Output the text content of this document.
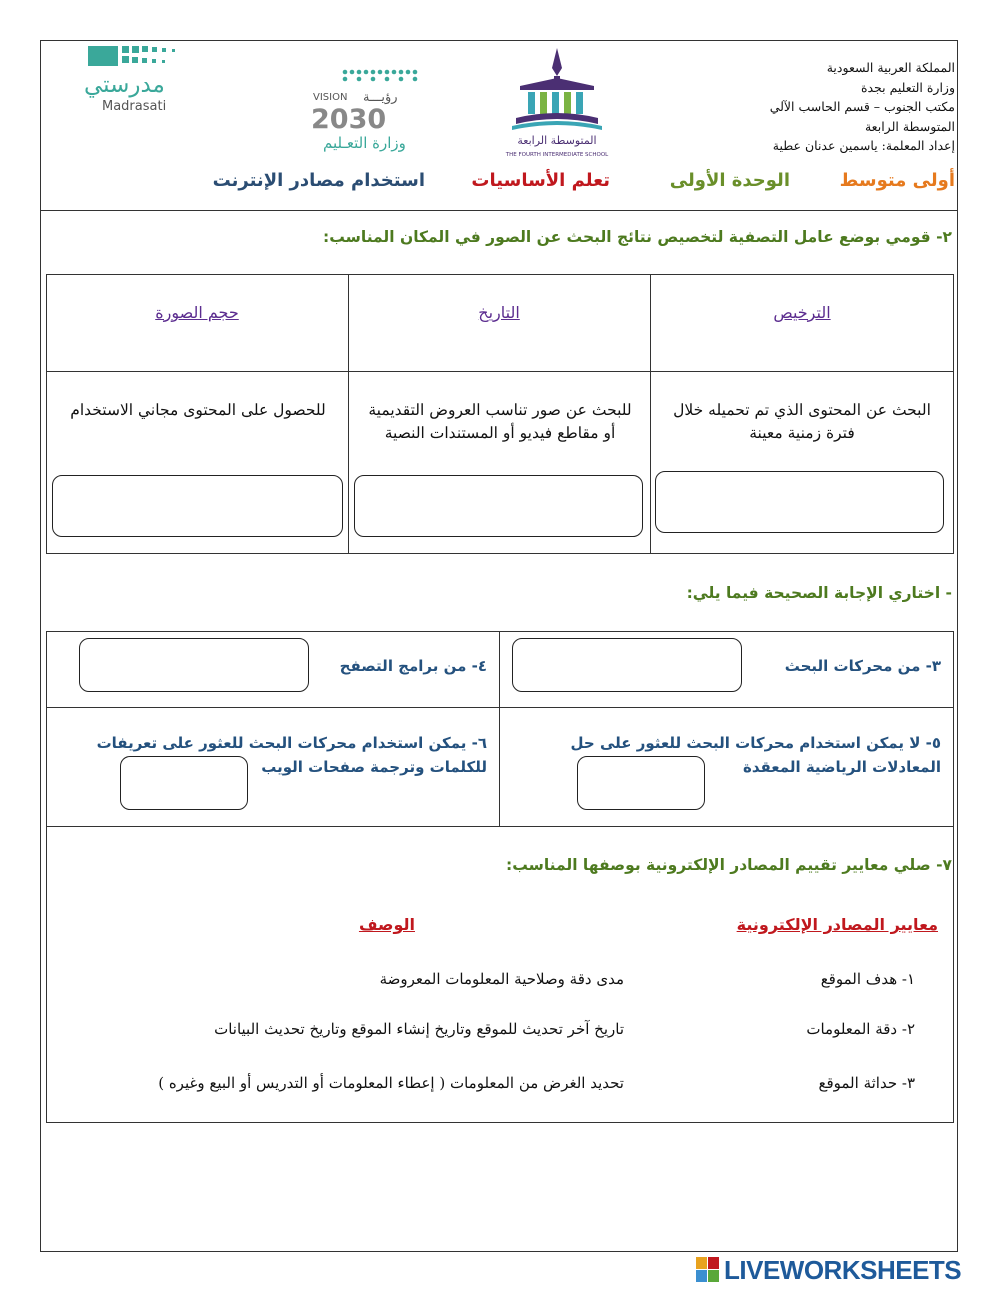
المملكة العربية السعودية
وزارة التعليم بجدة
مكتب الجنوب – قسم الحاسب الآلي
المتوسطة الرابعة
إعداد المعلمة: ياسمين عدنان عطية
المتوسطة الرابعة
THE FOURTH INTERMEDIATE SCHOOL
VISION رؤيـــة
2030
وزارة التعـليم
مدرستي
Madrasati
أولى متوسط
الوحدة الأولى
تعلم الأساسيات
استخدام مصادر الإنترنت
٢- قومي بوضع عامل التصفية لتخصيص نتائج البحث عن الصور في المكان المناسب:
الترخيص
التاريخ
حجم الصورة
البحث عن المحتوى الذي تم تحميله خلال فترة زمنية معينة
للبحث عن صور تناسب العروض التقديمية أو مقاطع فيديو أو المستندات النصية
للحصول على المحتوى مجاني الاستخدام
- اختاري الإجابة الصحيحة فيما يلي:
٣- من محركات البحث
٤- من برامج التصفح
٥- لا يمكن استخدام محركات البحث للعثور على حل المعادلات الرياضية المعقدة
٦- يمكن استخدام محركات البحث للعثور على تعريفات للكلمات وترجمة صفحات الويب
٧- صلي معايير تقييم المصادر الإلكترونية بوصفها المناسب:
معايير المصادر الإلكترونية
الوصف
١- هدف الموقع
٢- دقة المعلومات
٣- حداثة الموقع
مدى دقة وصلاحية المعلومات المعروضة
تاريخ آخر تحديث للموقع وتاريخ إنشاء الموقع وتاريخ تحديث البيانات
تحديد الغرض من المعلومات ( إعطاء المعلومات أو التدريس أو البيع وغيره )
LIVEWORKSHEETS
